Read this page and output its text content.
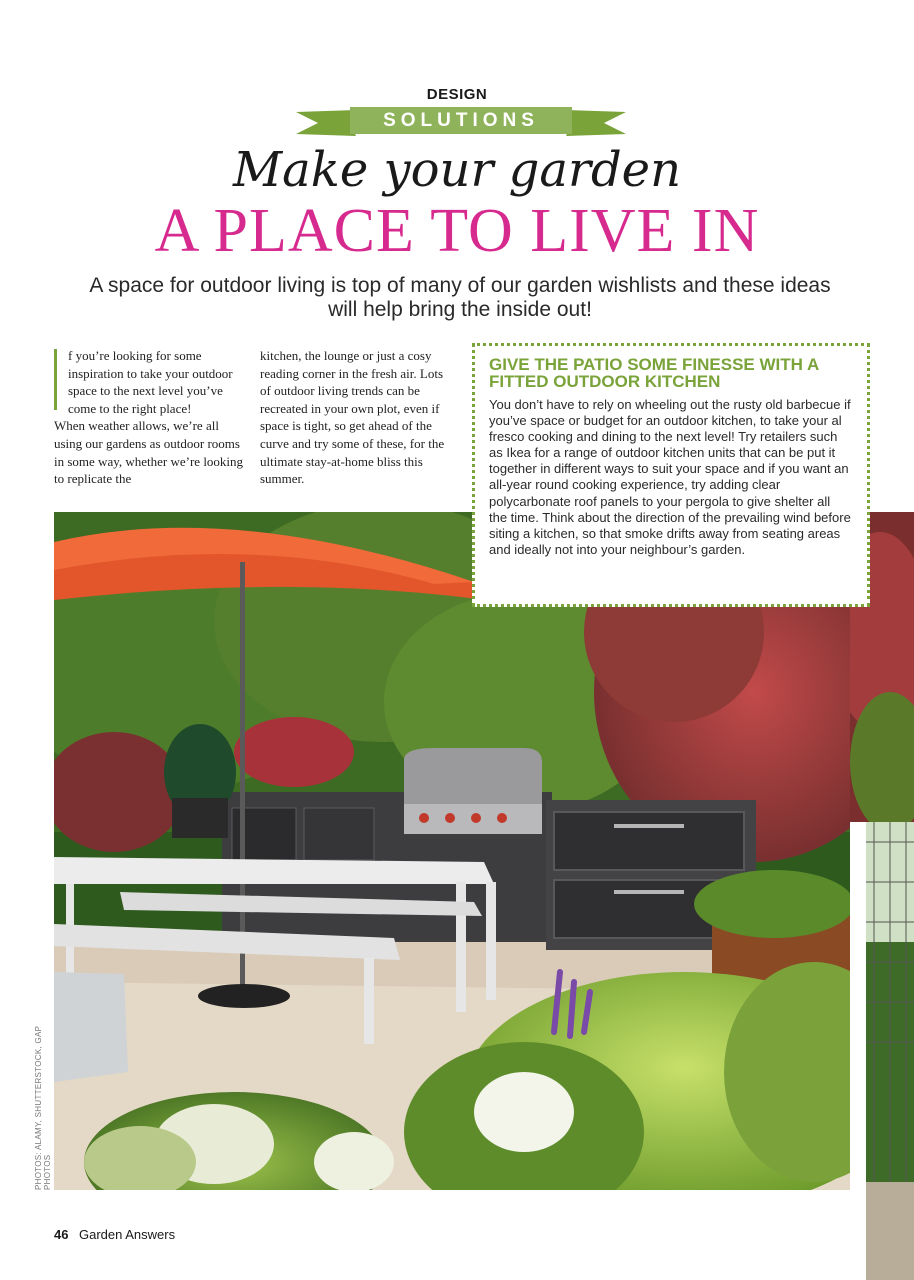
DESIGN
SOLUTIONS
Make your garden
A PLACE TO LIVE IN
A space for outdoor living is top of many of our garden wishlists and these ideas will help bring the inside out!
f you’re looking for some inspiration to take your outdoor space to the next level you’ve come to the right place!
When weather allows, we’re all using our gardens as outdoor rooms in some way, whether we’re looking to replicate the
kitchen, the lounge or just a cosy reading corner in the fresh air. Lots of outdoor living trends can be recreated in your own plot, even if space is tight, so get ahead of the curve and try some of these, for the ultimate stay-at-home bliss this summer.
GIVE THE PATIO SOME FINESSE WITH A FITTED OUTDOOR KITCHEN
You don’t have to rely on wheeling out the rusty old barbecue if you’ve space or budget for an outdoor kitchen, to take your al fresco cooking and dining to the next level! Try retailers such as Ikea for a range of outdoor kitchen units that can be put it together in different ways to suit your space and if you want an all-year round cooking experience, try adding clear polycarbonate roof panels to your pergola to give shelter all the time. Think about the direction of the prevailing wind before siting a kitchen, so that smoke drifts away from seating areas and ideally not into your neighbour’s garden.
PHOTOS: ALAMY, SHUTTERSTOCK, GAP PHOTOS
46 Garden Answers
